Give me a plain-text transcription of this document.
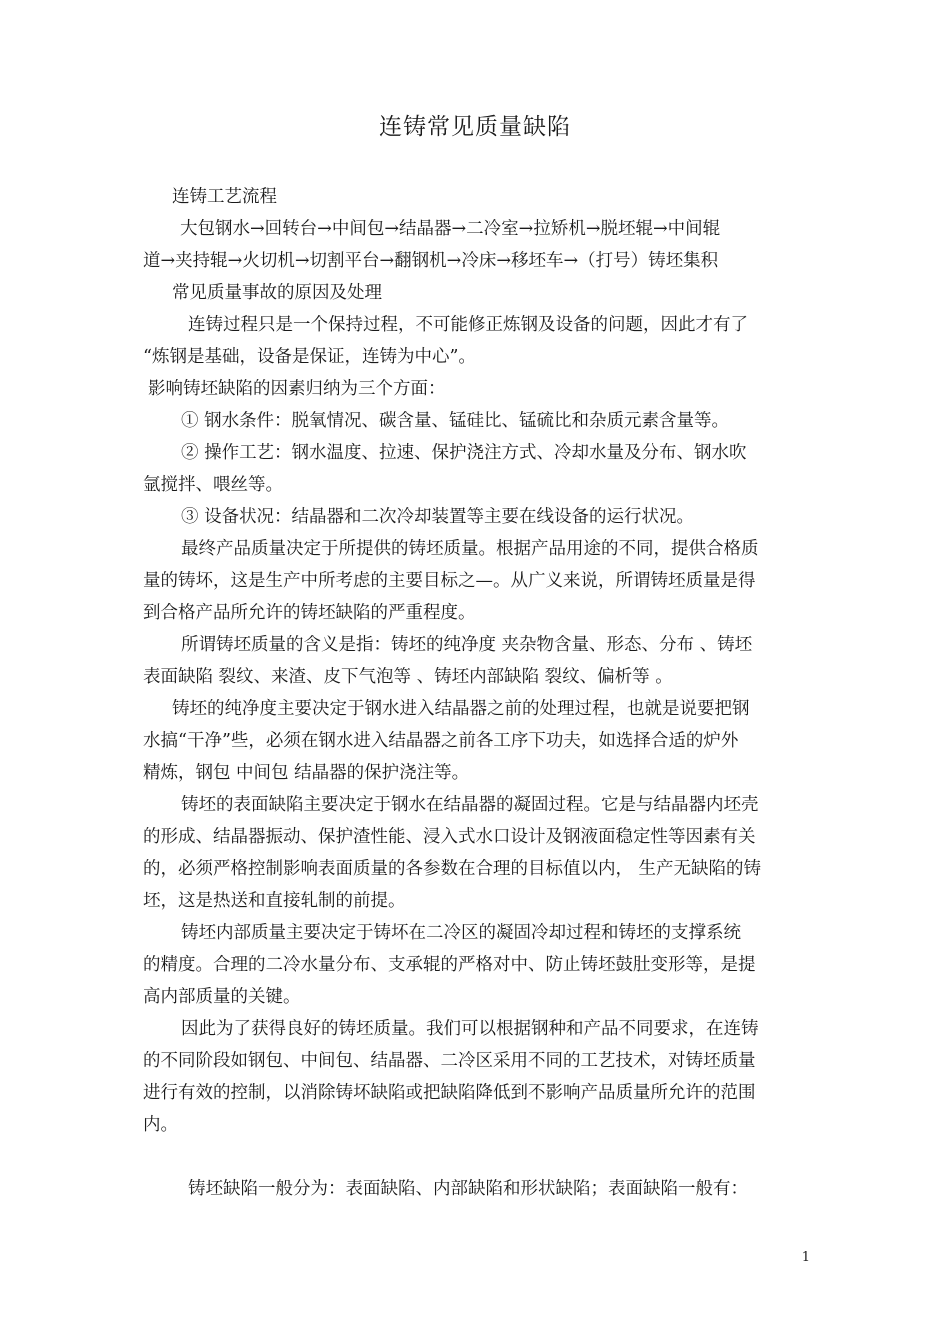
连铸常见质量缺陷
连铸工艺流程
大包钢水→回转台→中间包→结晶器→二冷室→拉矫机→脱坯辊→中间辊
道→夹持辊→火切机→切割平台→翻钢机→冷床→移坯车→（打号）铸坯集积
常见质量事故的原因及处理
连铸过程只是一个保持过程，不可能修正炼钢及设备的问题，因此才有了
“炼钢是基础，设备是保证，连铸为中心”。
影响铸坯缺陷的因素归纳为三个方面：
① 钢水条件：脱氧情况、碳含量、锰硅比、锰硫比和杂质元素含量等。
② 操作工艺：钢水温度、拉速、保护浇注方式、冷却水量及分布、钢水吹
氩搅拌、喂丝等。
③ 设备状况：结晶器和二次冷却装置等主要在线设备的运行状况。
最终产品质量决定于所提供的铸坯质量。根据产品用途的不同，提供合格质
量的铸坏，这是生产中所考虑的主要目标之—。从广义来说，所谓铸坯质量是得
到合格产品所允许的铸坯缺陷的严重程度。
所谓铸坯质量的含义是指：铸坯的纯净度 夹杂物含量、形态、分布 、铸坯
表面缺陷 裂纹、来渣、皮下气泡等 、铸坯内部缺陷 裂纹、偏析等 。
铸坯的纯净度主要决定于钢水进入结晶器之前的处理过程，也就是说要把钢
水搞“干净”些，必须在钢水进入结晶器之前各工序下功夫，如选择合适的炉外
精炼，钢包 中间包 结晶器的保护浇注等。
铸坯的表面缺陷主要决定于钢水在结晶器的凝固过程。它是与结晶器内坯壳
的形成、结晶器振动、保护渣性能、浸入式水口设计及钢液面稳定性等因素有关
的，必须严格控制影响表面质量的各参数在合理的目标值以内， 生产无缺陷的铸
坯，这是热送和直接轧制的前提。
铸坯内部质量主要决定于铸坏在二冷区的凝固冷却过程和铸坯的支撑系统
的精度。合理的二冷水量分布、支承辊的严格对中、防止铸坯鼓肚变形等，是提
高内部质量的关键。
因此为了获得良好的铸坯质量。我们可以根据钢种和产品不同要求，在连铸
的不同阶段如钢包、中间包、结晶器、二冷区采用不同的工艺技术，对铸坯质量
进行有效的控制，以消除铸坏缺陷或把缺陷降低到不影响产品质量所允许的范围
内。
铸坯缺陷一般分为：表面缺陷、内部缺陷和形状缺陷；表面缺陷一般有：
1
